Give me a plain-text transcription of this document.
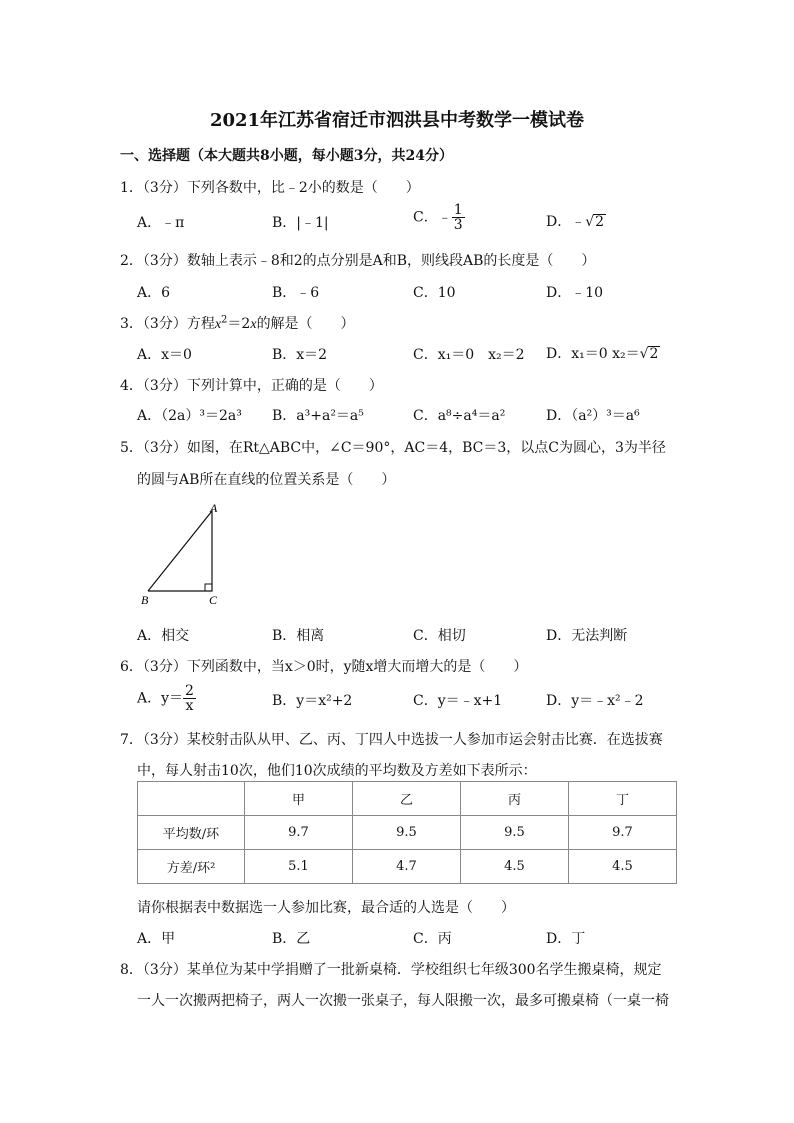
2021年江苏省宿迁市泗洪县中考数学一模试卷
一、选择题（本大题共8小题，每小题3分，共24分）
1．（3分）下列各数中，比﹣2小的数是（　　）
A．﹣π	B．|﹣1|	C．﹣ $\frac{1}{3}$	D．﹣√2
2．（3分）数轴上表示﹣8和2的点分别是A和B，则线段AB的长度是（　　）
A．6	B．﹣6	C．10	D．﹣10
3．（3分）方程$x^2=2x$的解是（　　）
A．x＝0	B．x＝2	C．x₁＝0　x₂＝2 D．x₁＝0 x₂＝√2
4．（3分）下列计算中，正确的是（　　）
A．（2a）³＝2a³ B．a³+a²＝a⁵	C．a⁸÷a⁴＝a²	D．（a²）³＝a⁶
5．（3分）如图，在Rt△ABC中，∠C＝90°，AC＝4，BC＝3，以点C为圆心，3为半径
的圆与AB所在直线的位置关系是（　　）
A
B	C
A．相交	B．相离	C．相切	D．无法判断
6．（3分）下列函数中，当x＞0时，y随x增大而增大的是（　　）
A．$y= \frac{2}{x}$	B．y＝x²+2	C．y＝﹣x+1	D．y＝﹣x²﹣2
7．（3分）某校射击队从甲、乙、丙、丁四人中选拔一人参加市运会射击比赛．在选拔赛
中，每人射击10次，他们10次成绩的平均数及方差如下表所示：
	甲	乙	丙	丁
平均数/环	9.7	9.5	9.5	9.7
方差/环²	5.1	4.7	4.5	4.5
请你根据表中数据选一人参加比赛，最合适的人选是（　　）
A．甲	B．乙	C．丙	D．丁
8．（3分）某单位为某中学捐赠了一批新桌椅．学校组织七年级300名学生搬桌椅，规定
一人一次搬两把椅子，两人一次搬一张桌子，每人限搬一次，最多可搬桌椅（一桌一椅
